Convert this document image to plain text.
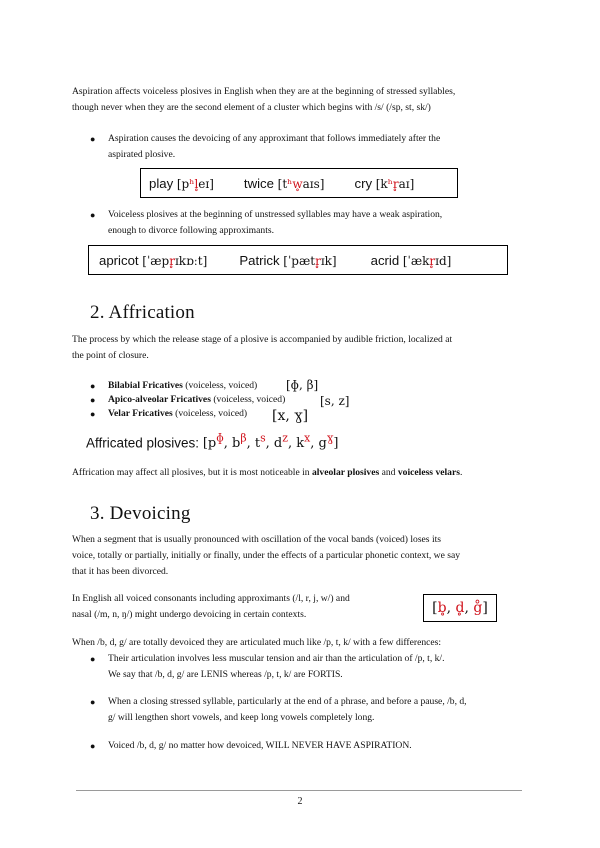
Aspiration affects voiceless plosives in English when they are at the beginning of stressed syllables,
though never when they are the second element of a cluster which begins with /s/ (/sp, st, sk/)
●	Aspiration causes the devoicing of any approximant that follows immediately after the
aspirated plosive.
play [pʰl̥eɪ] twice [tʰw̥aɪs] cry [kʰr̥aɪ]
●	Voiceless plosives at the beginning of unstressed syllables may have a weak aspiration,
enough to divorce following approximants.
apricot [ˈæpr̥ɪkɒːt] Patrick [ˈpætr̥ɪk]	acrid [ˈækr̥ɪd]
2. Affrication
The process by which the release stage of a plosive is accompanied by audible friction, localized at
the point of closure.
●	Bilabial Fricatives (voiceless, voiced)	[ɸ, β]
●	Apico-alveolar Fricatives (voiceless, voiced)	[s, z]
●	Velar Fricatives (voiceless, voiced)	[x, ɣ]
Affricated plosives: [$p^ɸ$, $b^\beta$, $t^s$, $d^z$, $k^x$, $g^ɣ$]
Affrication may affect all plosives, but it is most noticeable in alveolar plosives and voiceless velars.
3. Devoicing
When a segment that is usually pronounced with oscillation of the vocal bands (voiced) loses its
voice, totally or partially, initially or finally, under the effects of a particular phonetic context, we say
that it has been divorced.
In English all voiced consonants including approximants (/l, r, j, w/) and
nasal (/m, n, ŋ/) might undergo devoicing in certain contexts.	[b̥, d̥, g̊]
When /b, d, g/ are totally devoiced they are articulated much like /p, t, k/ with a few differences:
●	Their articulation involves less muscular tension and air than the articulation of /p, t, k/.
We say that /b, d, g/ are LENIS whereas /p, t, k/ are FORTIS.
●	When a closing stressed syllable, particularly at the end of a phrase, and before a pause, /b, d,
g/ will lengthen short vowels, and keep long vowels completely long.
●	Voiced /b, d, g/ no matter how devoiced, WILL NEVER HAVE ASPIRATION.
2
